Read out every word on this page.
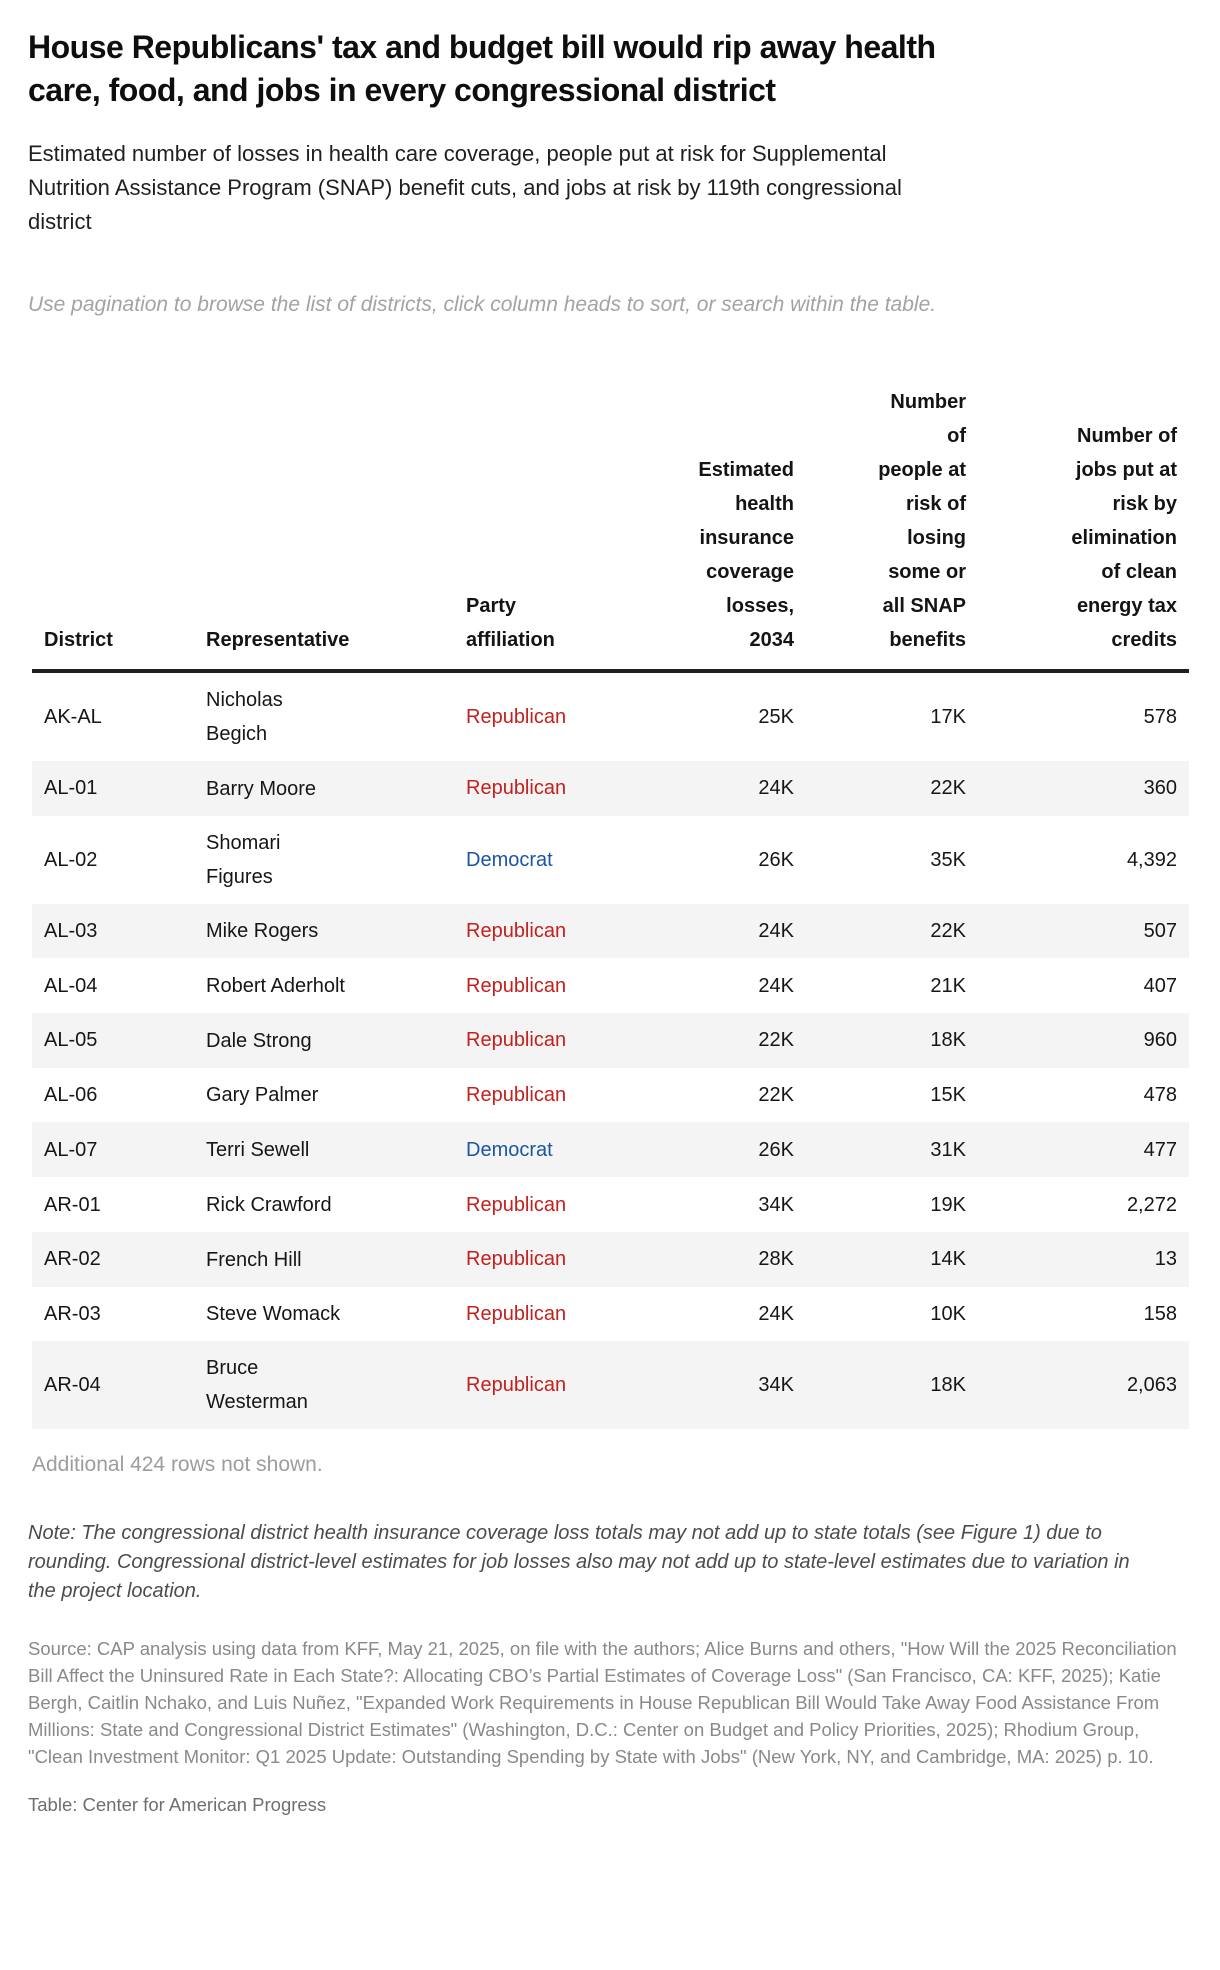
House Republicans' tax and budget bill would rip away health care, food, and jobs in every congressional district

Estimated number of losses in health care coverage, people put at risk for Supplemental Nutrition Assistance Program (SNAP) benefit cuts, and jobs at risk by 119th congressional district

Use pagination to browse the list of districts, click column heads to sort, or search within the table.

District	Representative	Party affiliation	Estimated health insurance coverage losses, 2034	Number of people at risk of losing some or all SNAP benefits	Number of jobs put at risk by elimination of clean energy tax credits
AK-AL	Nicholas Begich	Republican	25K	17K	578
AL-01	Barry Moore	Republican	24K	22K	360
AL-02	Shomari Figures	Democrat	26K	35K	4,392
AL-03	Mike Rogers	Republican	24K	22K	507
AL-04	Robert Aderholt	Republican	24K	21K	407
AL-05	Dale Strong	Republican	22K	18K	960
AL-06	Gary Palmer	Republican	22K	15K	478
AL-07	Terri Sewell	Democrat	26K	31K	477
AR-01	Rick Crawford	Republican	34K	19K	2,272
AR-02	French Hill	Republican	28K	14K	13
AR-03	Steve Womack	Republican	24K	10K	158
AR-04	Bruce Westerman	Republican	34K	18K	2,063

Additional 424 rows not shown.

Note: The congressional district health insurance coverage loss totals may not add up to state totals (see Figure 1) due to rounding. Congressional district-level estimates for job losses also may not add up to state-level estimates due to variation in the project location.

Source: CAP analysis using data from KFF, May 21, 2025, on file with the authors; Alice Burns and others, "How Will the 2025 Reconciliation Bill Affect the Uninsured Rate in Each State?: Allocating CBO’s Partial Estimates of Coverage Loss" (San Francisco, CA: KFF, 2025); Katie Bergh, Caitlin Nchako, and Luis Nuñez, "Expanded Work Requirements in House Republican Bill Would Take Away Food Assistance From Millions: State and Congressional District Estimates" (Washington, D.C.: Center on Budget and Policy Priorities, 2025); Rhodium Group, "Clean Investment Monitor: Q1 2025 Update: Outstanding Spending by State with Jobs" (New York, NY, and Cambridge, MA: 2025) p. 10.

Table: Center for American Progress
